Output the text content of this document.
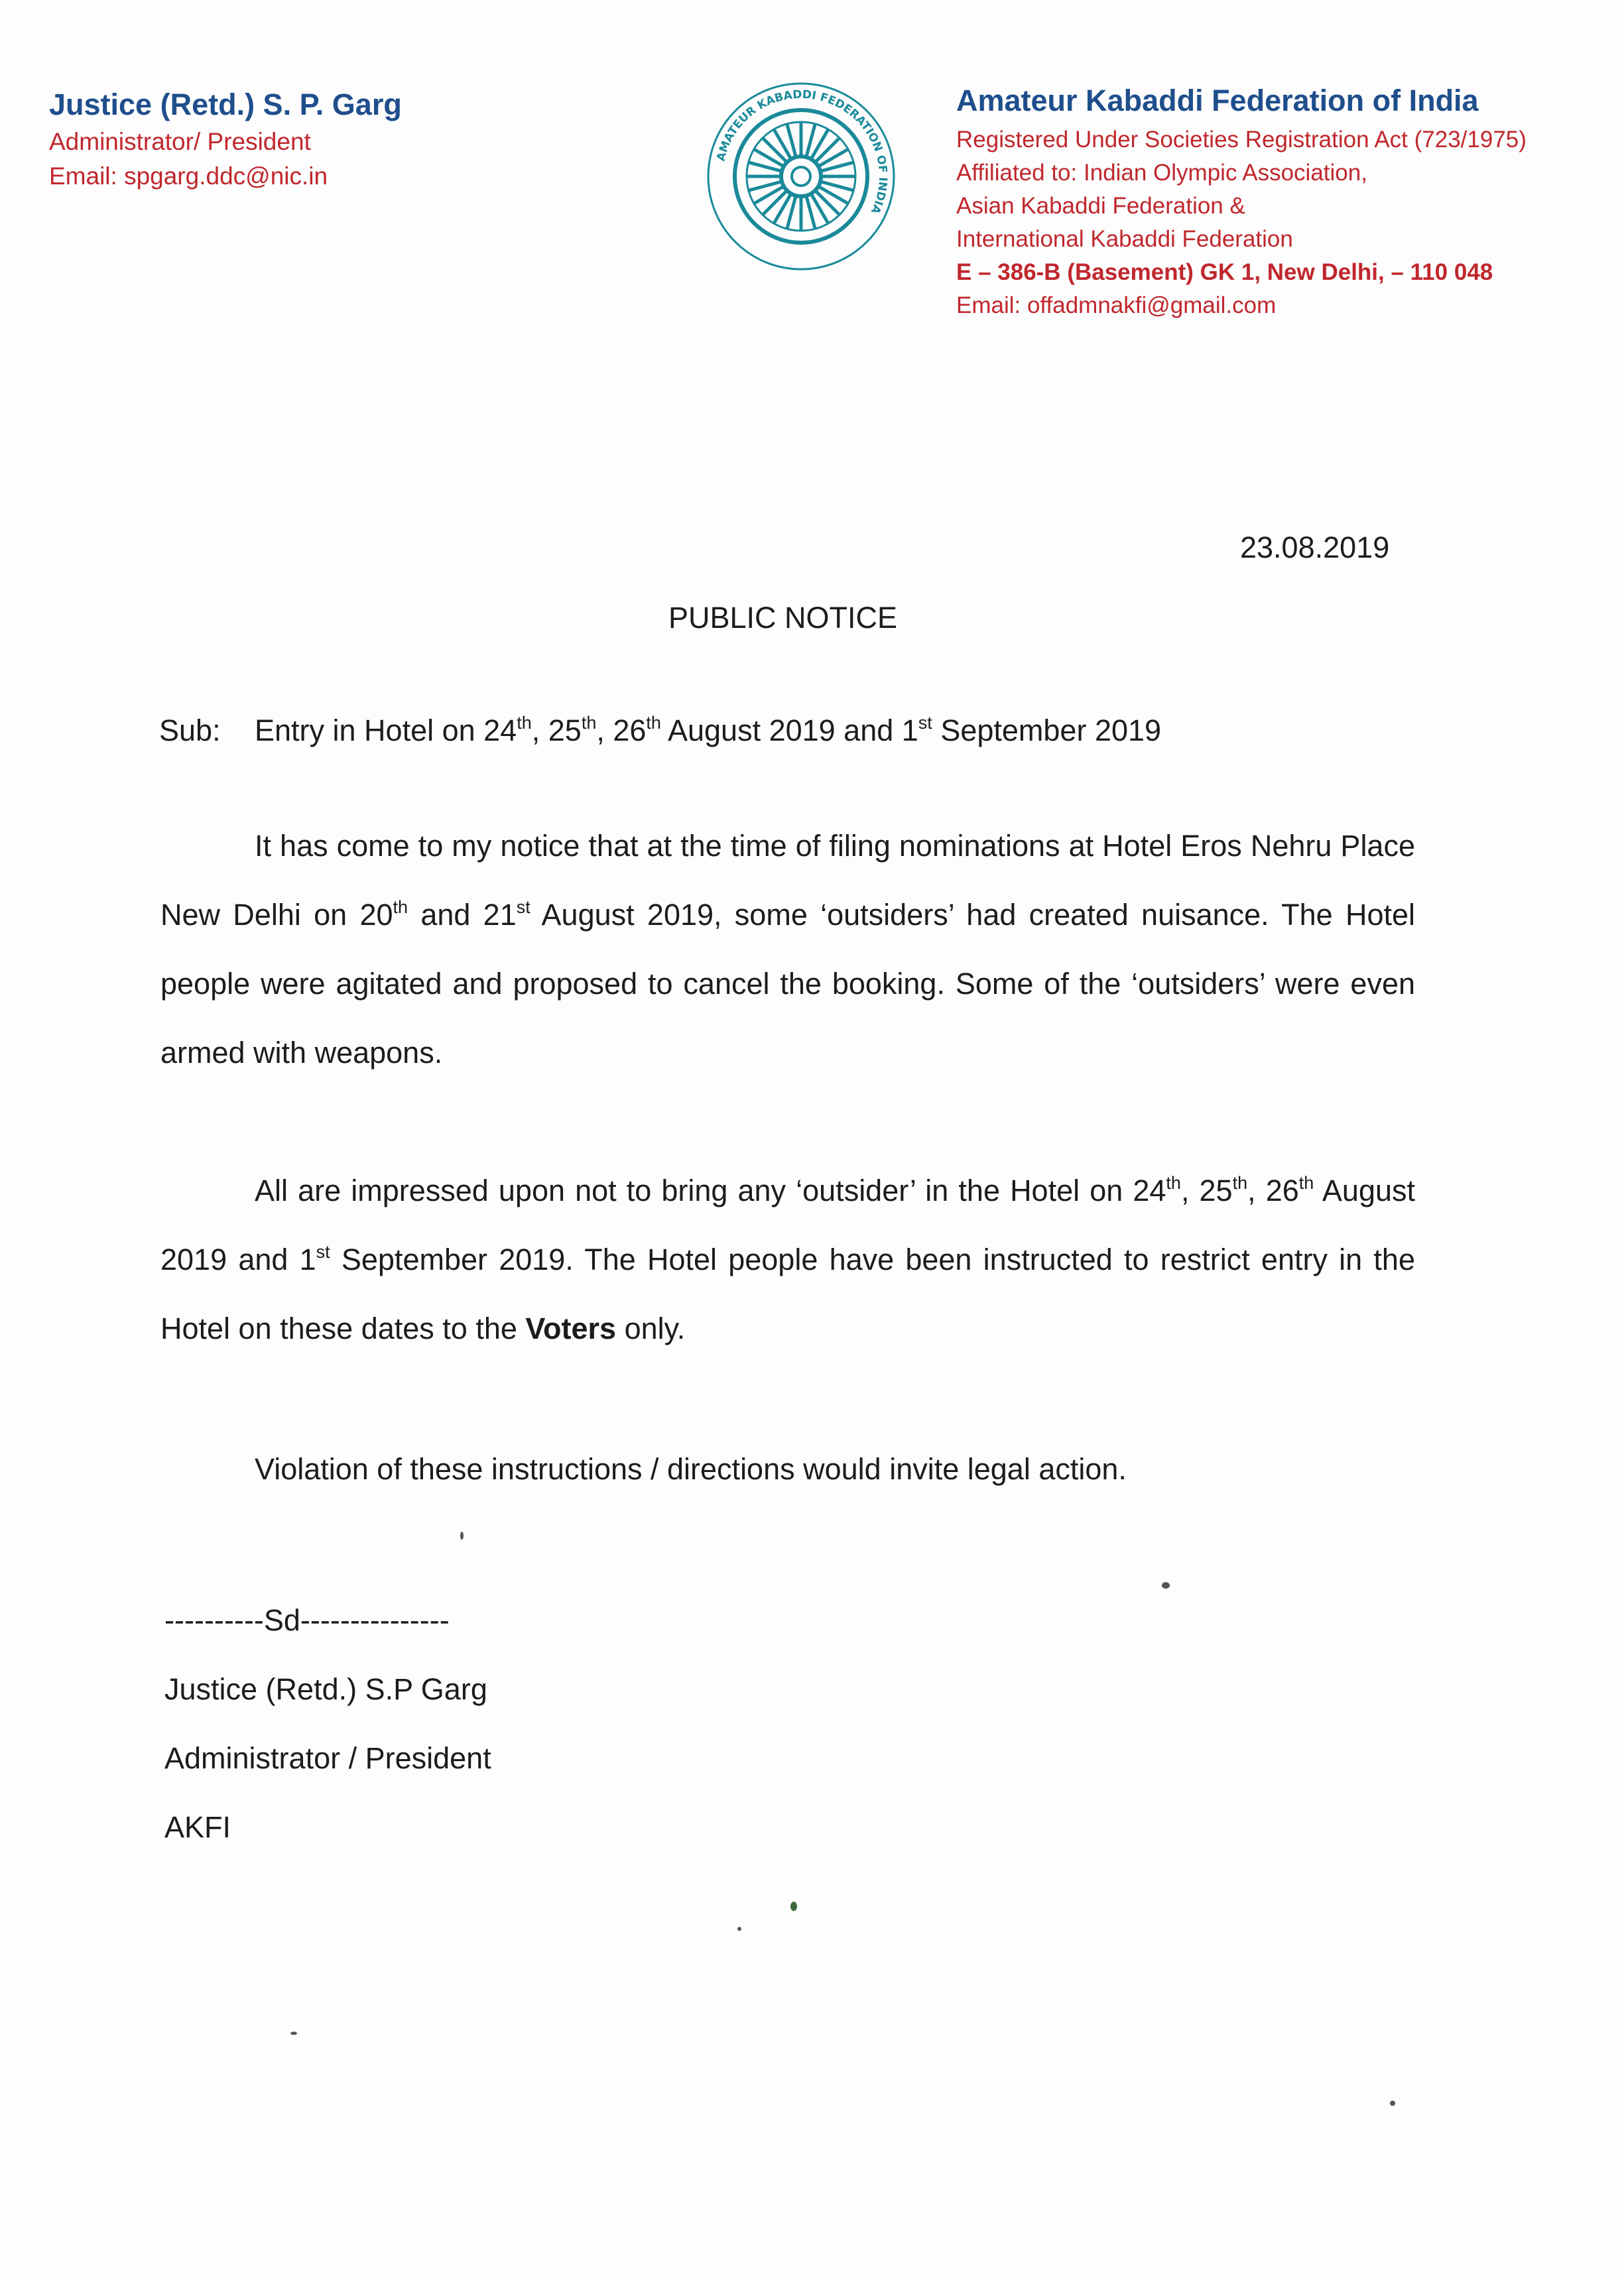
Justice (Retd.) S. P. Garg
Administrator/ President
Email: spgarg.ddc@nic.in
AMATEUR KABADDI FEDERATION OF INDIA
Amateur Kabaddi Federation of India
Registered Under Societies Registration Act (723/1975)
Affiliated to: Indian Olympic Association,
Asian Kabaddi Federation &
International Kabaddi Federation
E – 386-B (Basement) GK 1, New Delhi, – 110 048
Email: offadmnakfi@gmail.com
23.08.2019
PUBLIC NOTICE
Sub: Entry in Hotel on 24th, 25th, 26th August 2019 and 1st September 2019
It has come to my notice that at the time of filing nominations at Hotel Eros Nehru Place New Delhi on 20th and 21st August 2019, some ‘outsiders’ had created nuisance. The Hotel people were agitated and proposed to cancel the booking. Some of the ‘outsiders’ were even armed with weapons.
All are impressed upon not to bring any ‘outsider’ in the Hotel on 24th, 25th, 26th August 2019 and 1st September 2019. The Hotel people have been instructed to restrict entry in the Hotel on these dates to the Voters only.
Violation of these instructions / directions would invite legal action.
----------Sd---------------
Justice (Retd.) S.P Garg
Administrator / President
AKFI
